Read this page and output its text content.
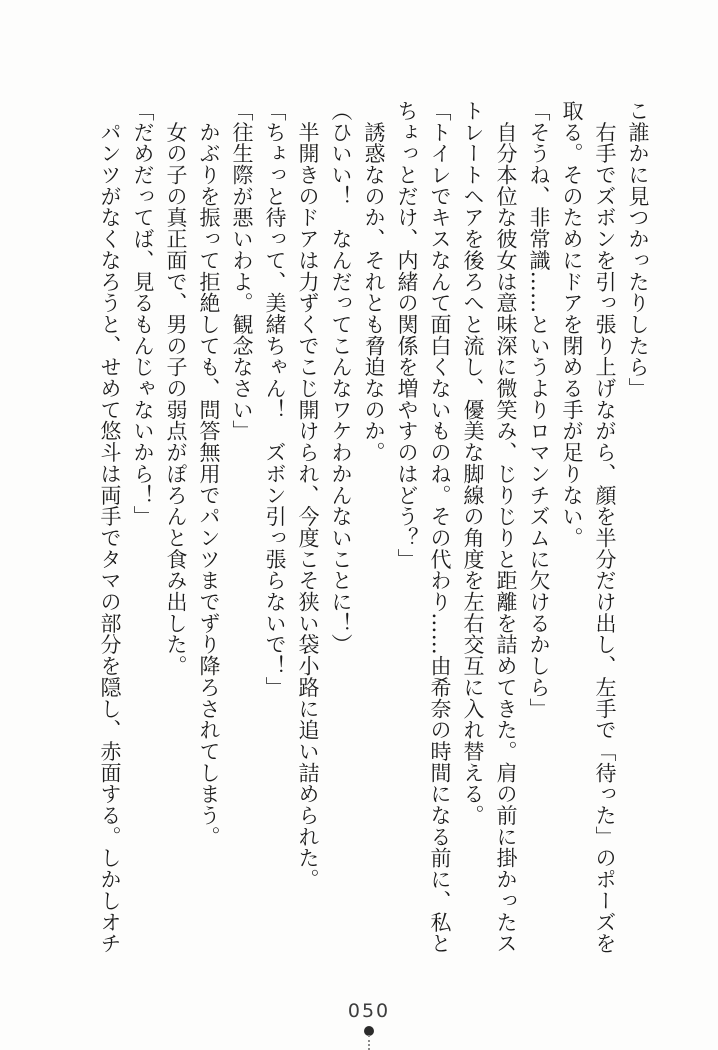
こ誰かに見つかったりしたら」

　右手でズボンを引っ張り上げながら、顔を半分だけ出し、左手で「待った」のポーズを

取る。そのためにドアを閉める手が足りない。

「そうね、非常識……というよりロマンチズムに欠けるかしら」

　自分本位な彼女は意味深に微笑み、じりじりと距離を詰めてきた。肩の前に掛かったス

トレートヘアを後ろへと流し、優美な脚線の角度を左右交互に入れ替える。

「トイレでキスなんて面白くないものね。その代わり……由希奈の時間になる前に、私と

ちょっとだけ、内緒の関係を増やすのはどう？」

　誘惑なのか、それとも脅迫なのか。

（ひいい！　なんだってこんなワケわかんないことに！）

　半開きのドアは力ずくでこじ開けられ、今度こそ狭い袋小路に追い詰められた。

「ちょっと待って、美緒ちゃん！　ズボン引っ張らないで！」

「往生際が悪いわよ。観念なさい」

　かぶりを振って拒絶しても、問答無用でパンツまでずり降ろされてしまう。

　女の子の真正面で、男の子の弱点がぽろんと食み出した。

「だめだってば、見るもんじゃないから！」

　パンツがなくなろうと、せめて悠斗は両手でタマの部分を隠し、赤面する。しかしオチ

050
